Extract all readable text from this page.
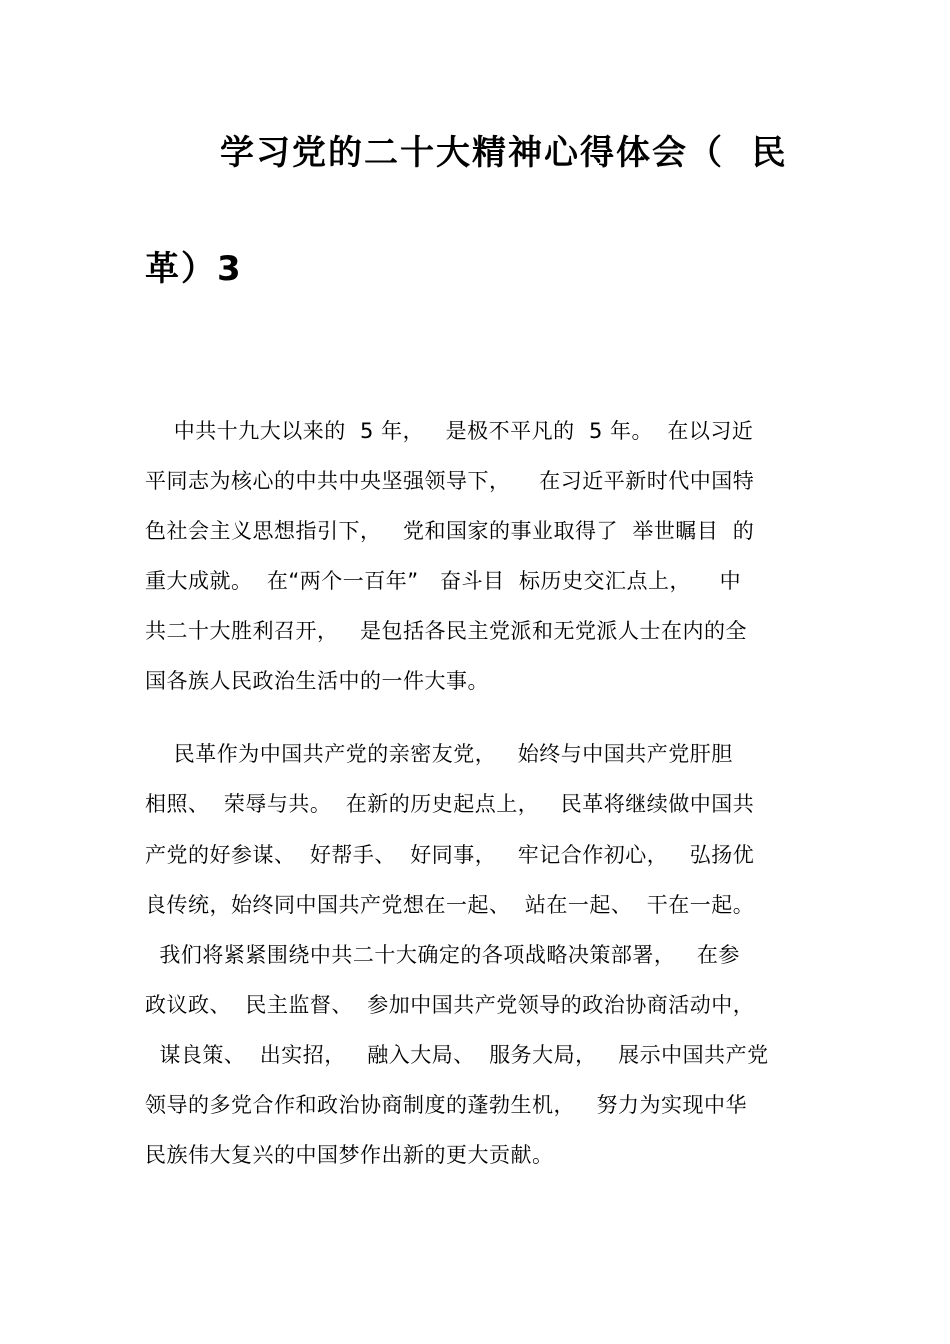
学习党的二十大精神心得体会（  民
革）3
中共十九大以来的  5 年，   是极不平凡的  5 年。  在以习近
平同志为核心的中共中央坚强领导下，    在习近平新时代中国特
色社会主义思想指引下，   党和国家的事业取得了  举世瞩目  的
重大成就。  在“两个一百年”   奋斗目  标历史交汇点上，    中
共二十大胜利召开，   是包括各民主党派和无党派人士在内的全
国各族人民政治生活中的一件大事。
民革作为中国共产党的亲密友党，   始终与中国共产党肝胆
相照、  荣辱与共。  在新的历史起点上，   民革将继续做中国共
产党的好参谋、  好帮手、  好同事，   牢记合作初心，   弘扬优
良传统，始终同中国共产党想在一起、  站在一起、  干在一起。
我们将紧紧围绕中共二十大确定的各项战略决策部署，   在参
政议政、  民主监督、  参加中国共产党领导的政治协商活动中，
谋良策、  出实招，   融入大局、  服务大局，   展示中国共产党
领导的多党合作和政治协商制度的蓬勃生机，   努力为实现中华
民族伟大复兴的中国梦作出新的更大贡献。
